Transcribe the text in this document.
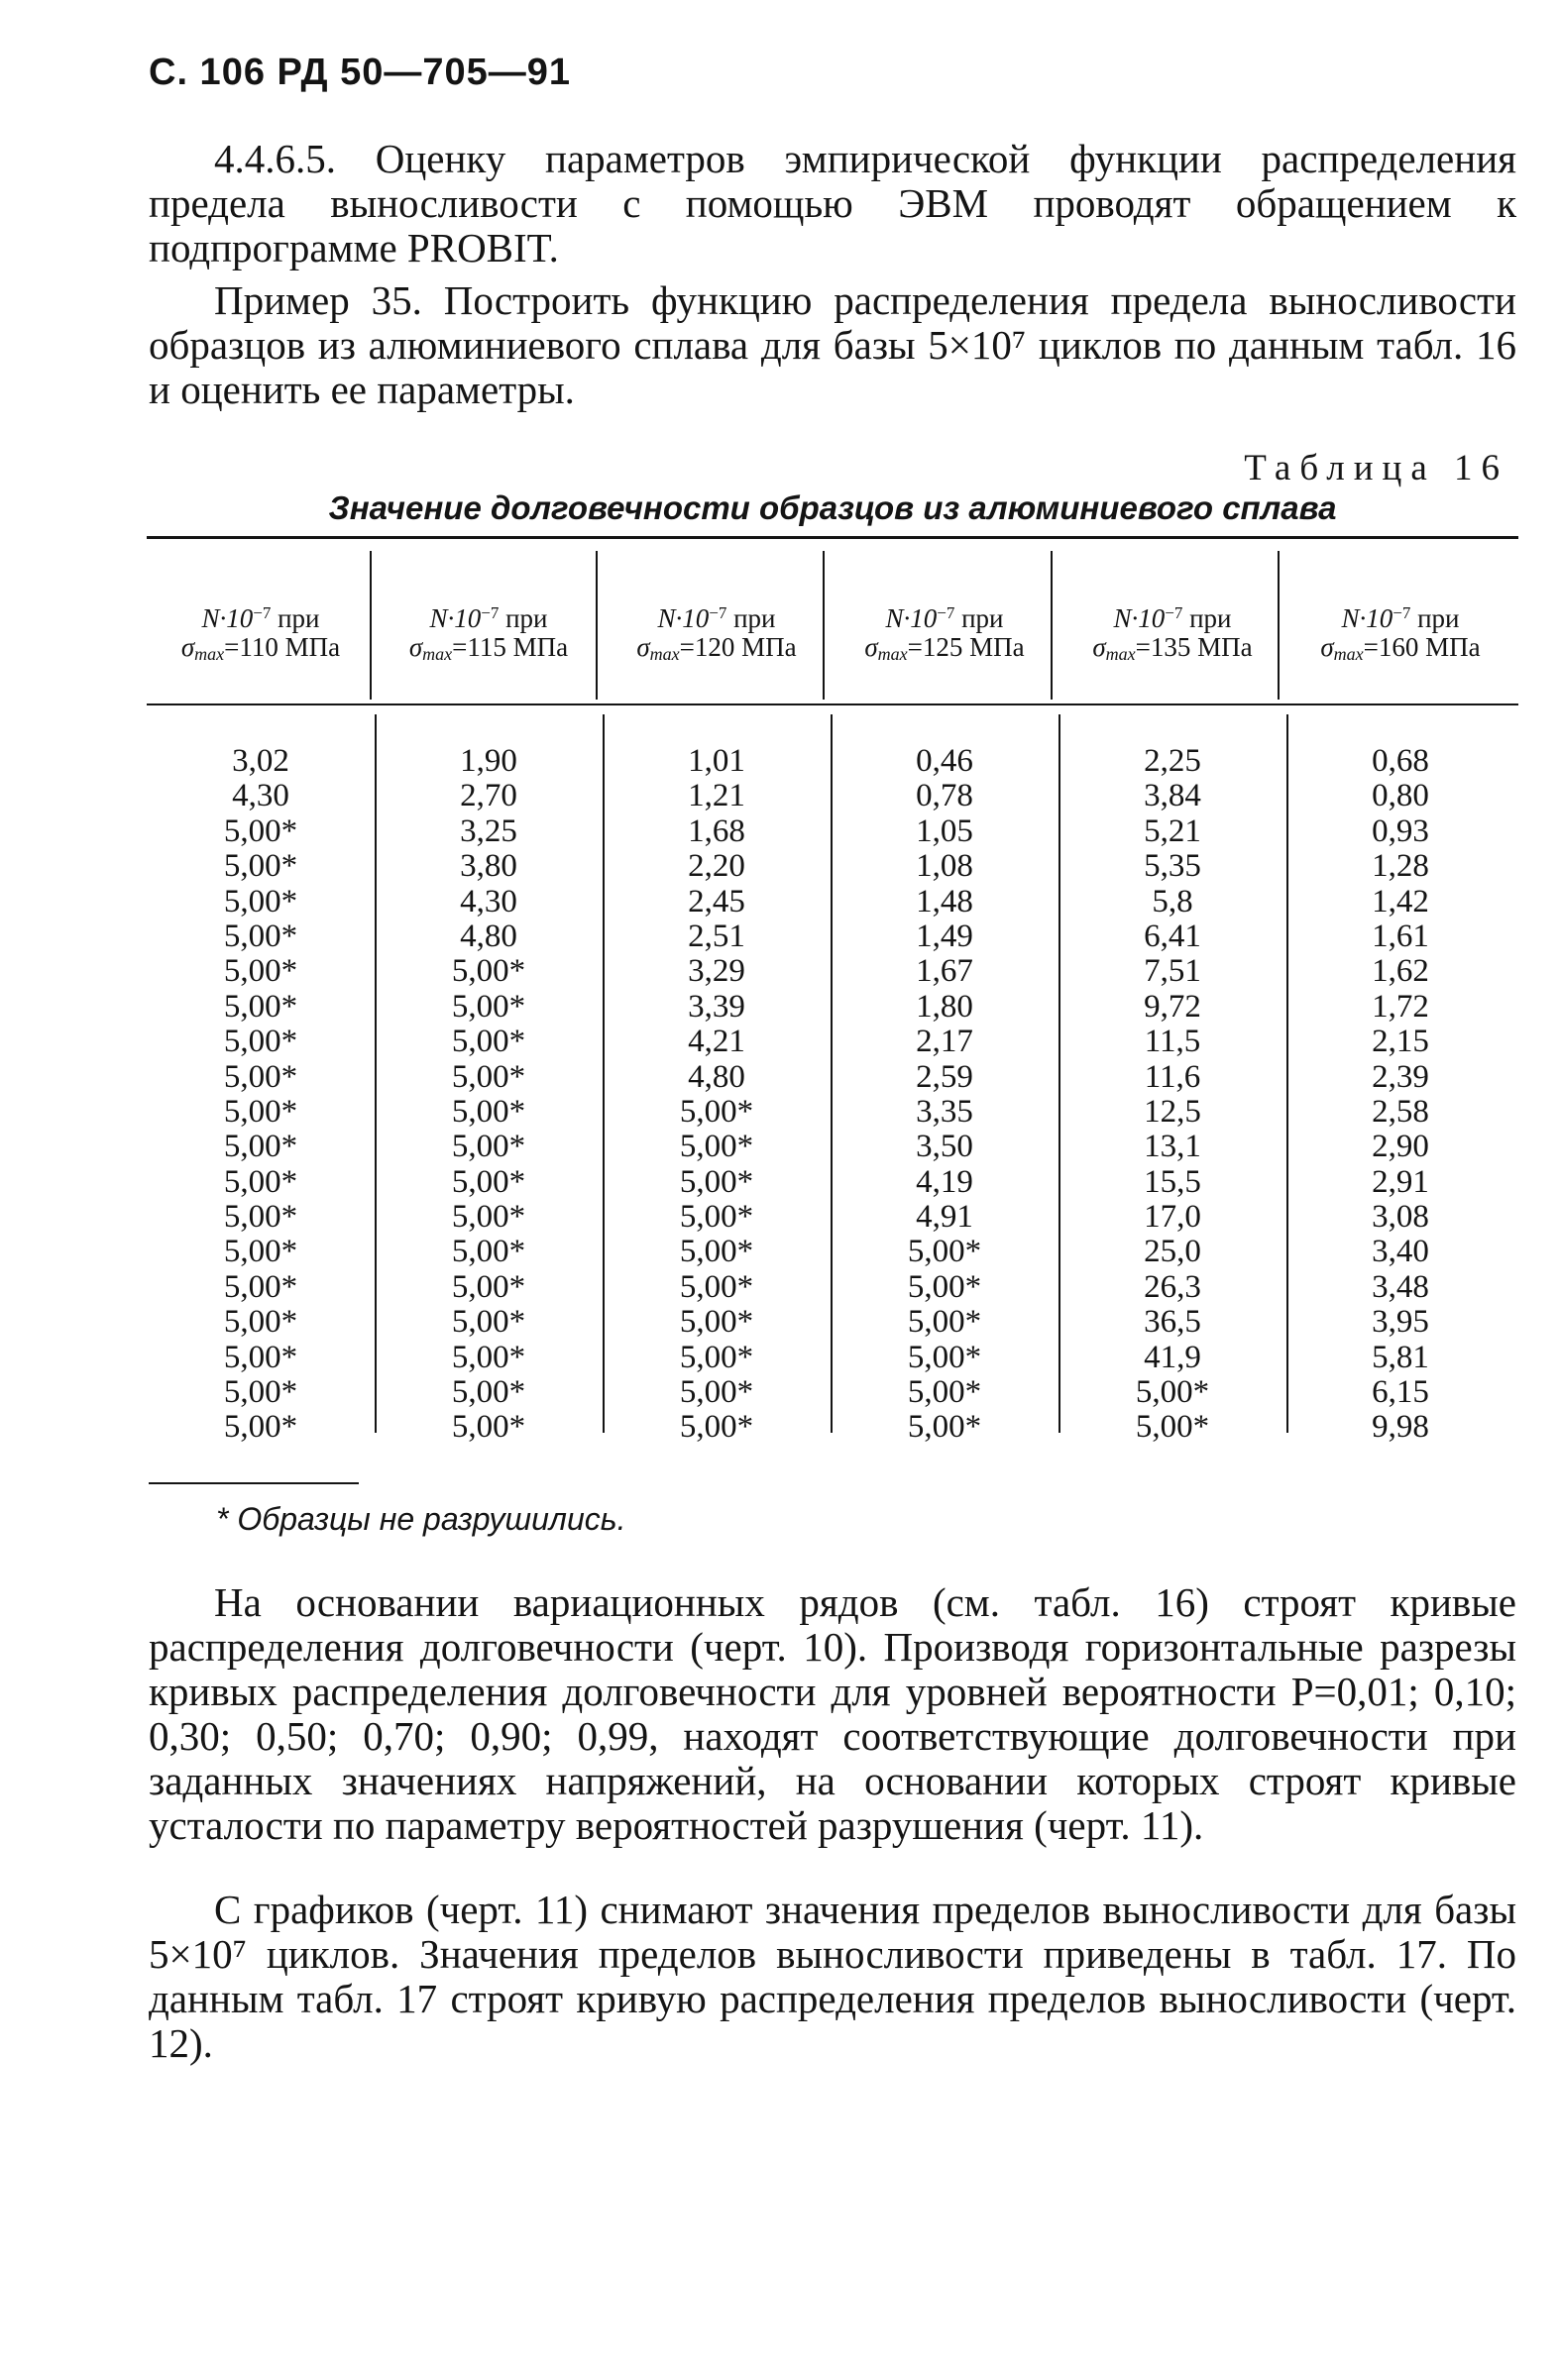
С. 106 РД 50—705—91
4.4.6.5. Оценку параметров эмпирической функции распределения предела выносливости с помощью ЭВМ проводят обращением к подпрограмме PROBIT.
Пример 35. Построить функцию распределения предела выносливости образцов из алюминиевого сплава для базы 5×10⁷ циклов по данным табл. 16 и оценить ее параметры.
Таблица 16
Значение долговечности образцов из алюминиевого сплава
$N\cdot 10^{-7}$ при
$\sigma_{max}=110$ МПа
$N\cdot 10^{-7}$ при
$\sigma_{max}=115$ МПа
$N\cdot 10^{-7}$ при
$\sigma_{max}=120$ МПа
$N\cdot 10^{-7}$ при
$\sigma_{max}=125$ МПа
$N\cdot 10^{-7}$ при
$\sigma_{max}=135$ МПа
$N\cdot 10^{-7}$ при
$\sigma_{max}=160$ МПа
3,02
4,30
5,00*
5,00*
5,00*
5,00*
5,00*
5,00*
5,00*
5,00*
5,00*
5,00*
5,00*
5,00*
5,00*
5,00*
5,00*
5,00*
5,00*
5,00*
1,90
2,70
3,25
3,80
4,30
4,80
5,00*
5,00*
5,00*
5,00*
5,00*
5,00*
5,00*
5,00*
5,00*
5,00*
5,00*
5,00*
5,00*
5,00*
1,01
1,21
1,68
2,20
2,45
2,51
3,29
3,39
4,21
4,80
5,00*
5,00*
5,00*
5,00*
5,00*
5,00*
5,00*
5,00*
5,00*
5,00*
0,46
0,78
1,05
1,08
1,48
1,49
1,67
1,80
2,17
2,59
3,35
3,50
4,19
4,91
5,00*
5,00*
5,00*
5,00*
5,00*
5,00*
2,25
3,84
5,21
5,35
5,8
6,41
7,51
9,72
11,5
11,6
12,5
13,1
15,5
17,0
25,0
26,3
36,5
41,9
5,00*
5,00*
0,68
0,80
0,93
1,28
1,42
1,61
1,62
1,72
2,15
2,39
2,58
2,90
2,91
3,08
3,40
3,48
3,95
5,81
6,15
9,98
* Образцы не разрушились.
На основании вариационных рядов (см. табл. 16) строят кривые распределения долговечности (черт. 10). Производя горизонтальные разрезы кривых распределения долговечности для уровней вероятности P=0,01; 0,10; 0,30; 0,50; 0,70; 0,90; 0,99, находят соответствующие долговечности при заданных значениях напряжений, на основании которых строят кривые усталости по параметру вероятностей разрушения (черт. 11).
С графиков (черт. 11) снимают значения пределов выносливости для базы 5×10⁷ циклов. Значения пределов выносливости приведены в табл. 17. По данным табл. 17 строят кривую распределения пределов выносливости (черт. 12).
